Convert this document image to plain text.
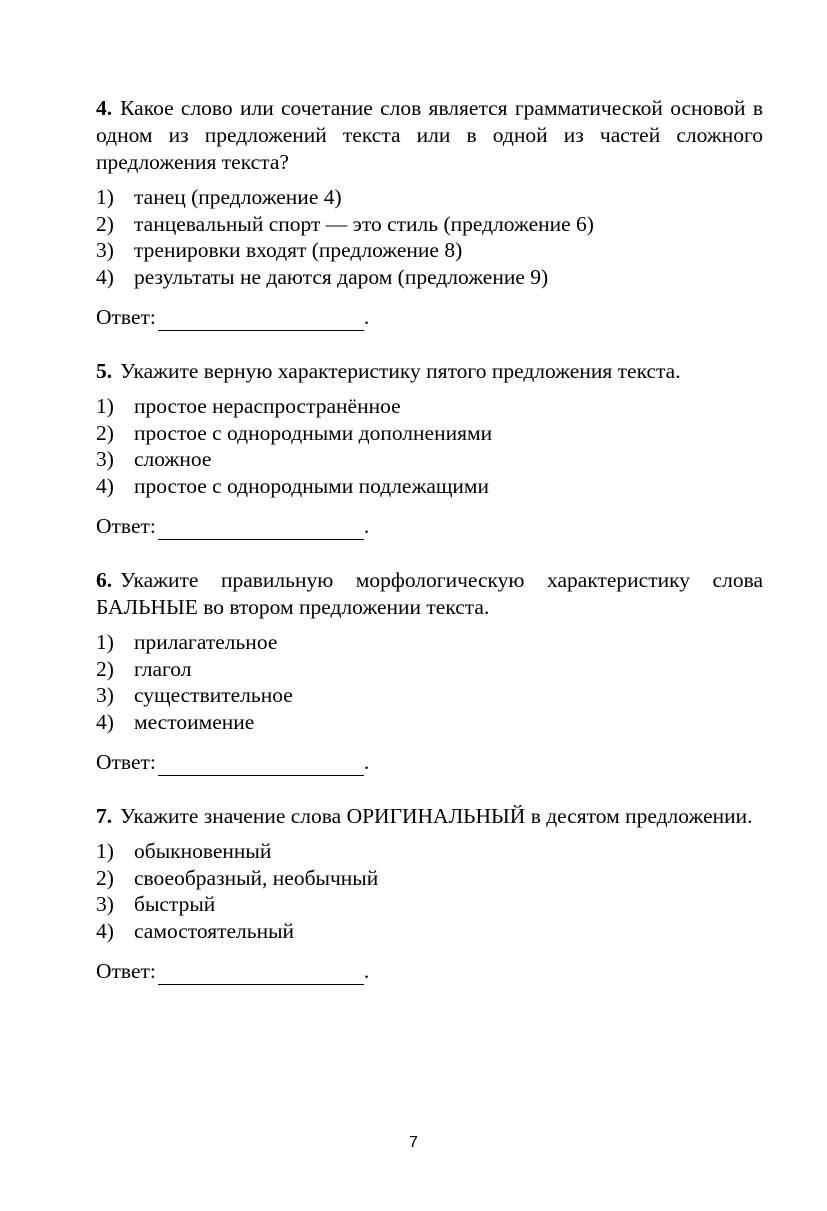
4. Какое слово или сочетание слов является грамматической основой в одном из предложений текста или в одной из частей сложного предложения текста?

1) танец (предложение 4)
2) танцевальный спорт — это стиль (предложение 6)
3) тренировки входят (предложение 8)
4) результаты не даются даром (предложение 9)
Ответ:	.

5. Укажите верную характеристику пятого предложения текста.

1) простое нераспространённое
2) простое с однородными дополнениями
3) сложное
4) простое с однородными подлежащими
Ответ:	.

6. Укажите правильную морфологическую характеристику слова БАЛЬНЫЕ во втором предложении текста.

1) прилагательное
2) глагол
3) существительное
4) местоимение
Ответ:	.

7. Укажите значение слова ОРИГИНАЛЬНЫЙ в десятом предложении.

1) обыкновенный
2) своеобразный, необычный
3) быстрый
4) самостоятельный
Ответ:	.
7
